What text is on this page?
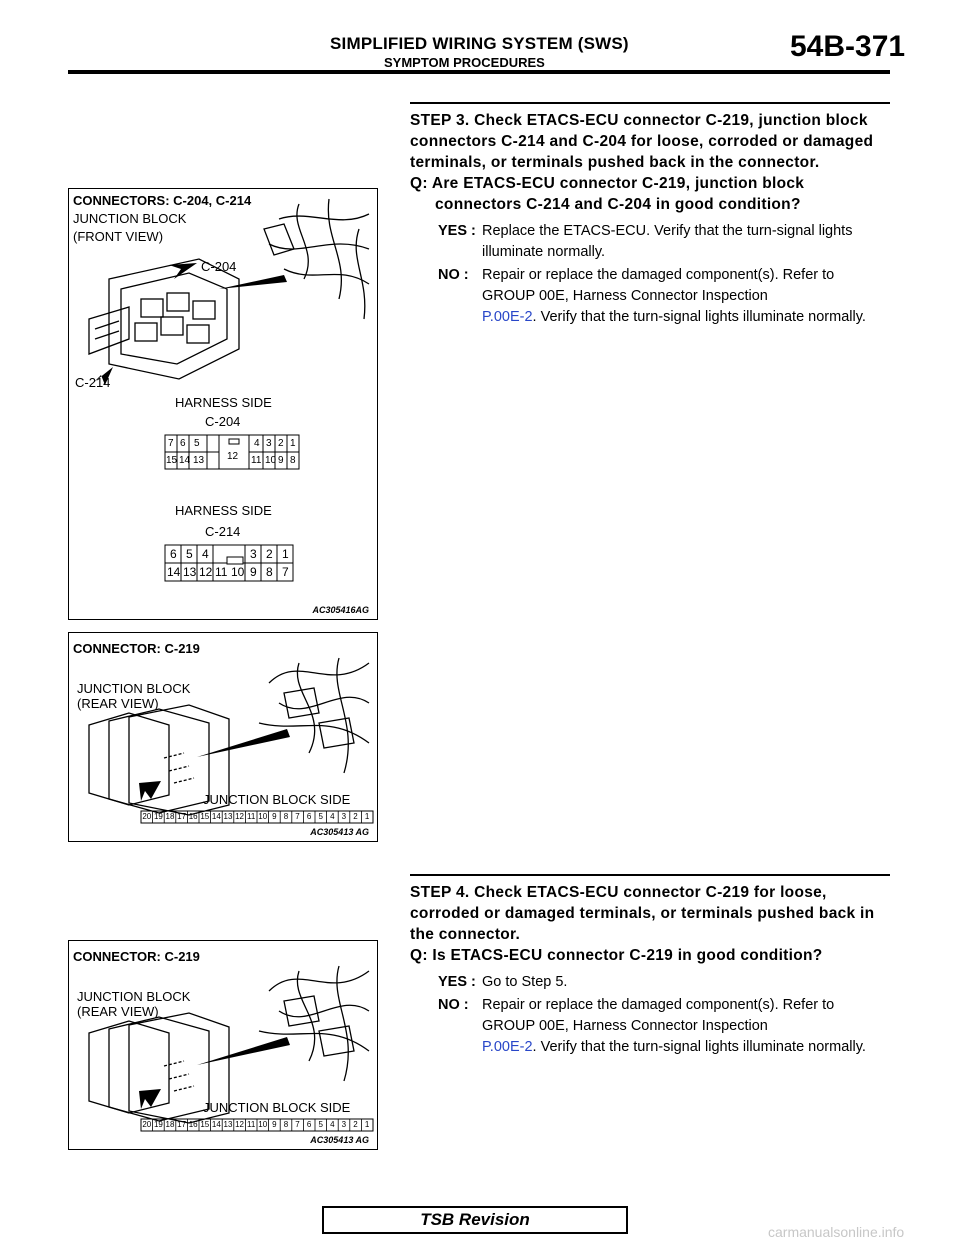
SIMPLIFIED WIRING SYSTEM (SWS)
SYMPTOM PROCEDURES	54B-371
CONNECTORS: C-204, C-214
JUNCTION BLOCK
(FRONT VIEW)
C-204
C-214
HARNESS SIDE
C-204
HARNESS SIDE
C-214
7 6 5	4 3 2 1
12
15 14 13	11 10 9 8
6 5 4	3 2 1
14 13 12 11 10 9 8 7
AC305416AG
CONNECTOR: C-219
JUNCTION BLOCK
(REAR VIEW)
JUNCTION BLOCK SIDE
20 19 18 17 16 15 14 13 12 11 10 9 8 7 6 5 4 3 2 1
AC305413 AG
CONNECTOR: C-219
JUNCTION BLOCK
(REAR VIEW)
JUNCTION BLOCK SIDE
20 19 18 17 16 15 14 13 12 11 10 9 8 7 6 5 4 3 2 1
AC305413 AG
STEP 3. Check ETACS-ECU connector C-219, junction block connectors C-214 and C-204 for loose, corroded or damaged terminals, or terminals pushed back in the connector.
Q: Are ETACS-ECU connector C-219, junction block connectors C-214 and C-204 in good condition?
YES : Replace the ETACS-ECU. Verify that the turn-signal lights illuminate normally.
NO : Repair or replace the damaged component(s). Refer to GROUP 00E, Harness Connector Inspection
P.00E-2. Verify that the turn-signal lights illuminate normally.
STEP 4. Check ETACS-ECU connector C-219 for loose, corroded or damaged terminals, or terminals pushed back in the connector.
Q: Is ETACS-ECU connector C-219 in good condition?
YES : Go to Step 5.
NO : Repair or replace the damaged component(s). Refer to GROUP 00E, Harness Connector Inspection
P.00E-2. Verify that the turn-signal lights illuminate normally.
TSB Revision
carmanualsonline.info
